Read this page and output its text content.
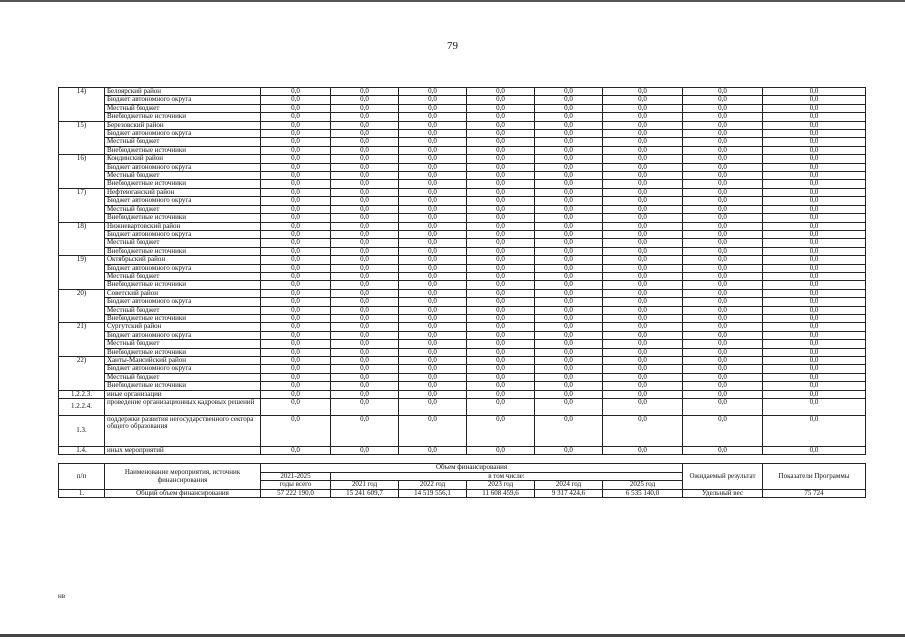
79
14)	Белоярский район	0,0	0,0	0,0	0,0	0,0	0,0	0,0	0,0
	Бюджет автономного округа	0,0	0,0	0,0	0,0	0,0	0,0	0,0	0,0
	Местный бюджет	0,0	0,0	0,0	0,0	0,0	0,0	0,0	0,0
	Внебюджетные источники	0,0	0,0	0,0	0,0	0,0	0,0	0,0	0,0
15)	Березовский район	0,0	0,0	0,0	0,0	0,0	0,0	0,0	0,0
	Бюджет автономного округа	0,0	0,0	0,0	0,0	0,0	0,0	0,0	0,0
	Местный бюджет	0,0	0,0	0,0	0,0	0,0	0,0	0,0	0,0
	Внебюджетные источники	0,0	0,0	0,0	0,0	0,0	0,0	0,0	0,0
16)	Кондинский район	0,0	0,0	0,0	0,0	0,0	0,0	0,0	0,0
	Бюджет автономного округа	0,0	0,0	0,0	0,0	0,0	0,0	0,0	0,0
	Местный бюджет	0,0	0,0	0,0	0,0	0,0	0,0	0,0	0,0
	Внебюджетные источники	0,0	0,0	0,0	0,0	0,0	0,0	0,0	0,0
17)	Нефтеюганский район	0,0	0,0	0,0	0,0	0,0	0,0	0,0	0,0
	Бюджет автономного округа	0,0	0,0	0,0	0,0	0,0	0,0	0,0	0,0
	Местный бюджет	0,0	0,0	0,0	0,0	0,0	0,0	0,0	0,0
	Внебюджетные источники	0,0	0,0	0,0	0,0	0,0	0,0	0,0	0,0
18)	Нижневартовский район	0,0	0,0	0,0	0,0	0,0	0,0	0,0	0,0
	Бюджет автономного округа	0,0	0,0	0,0	0,0	0,0	0,0	0,0	0,0
	Местный бюджет	0,0	0,0	0,0	0,0	0,0	0,0	0,0	0,0
	Внебюджетные источники	0,0	0,0	0,0	0,0	0,0	0,0	0,0	0,0
19)	Октябрьский район	0,0	0,0	0,0	0,0	0,0	0,0	0,0	0,0
	Бюджет автономного округа	0,0	0,0	0,0	0,0	0,0	0,0	0,0	0,0
	Местный бюджет	0,0	0,0	0,0	0,0	0,0	0,0	0,0	0,0
	Внебюджетные источники	0,0	0,0	0,0	0,0	0,0	0,0	0,0	0,0
20)	Советский район	0,0	0,0	0,0	0,0	0,0	0,0	0,0	0,0
	Бюджет автономного округа	0,0	0,0	0,0	0,0	0,0	0,0	0,0	0,0
	Местный бюджет	0,0	0,0	0,0	0,0	0,0	0,0	0,0	0,0
	Внебюджетные источники	0,0	0,0	0,0	0,0	0,0	0,0	0,0	0,0
21)	Сургутский район	0,0	0,0	0,0	0,0	0,0	0,0	0,0	0,0
	Бюджет автономного округа	0,0	0,0	0,0	0,0	0,0	0,0	0,0	0,0
	Местный бюджет	0,0	0,0	0,0	0,0	0,0	0,0	0,0	0,0
	Внебюджетные источники	0,0	0,0	0,0	0,0	0,0	0,0	0,0	0,0
22)	Ханты-Мансийский район	0,0	0,0	0,0	0,0	0,0	0,0	0,0	0,0
	Бюджет автономного округа	0,0	0,0	0,0	0,0	0,0	0,0	0,0	0,0
	Местный бюджет	0,0	0,0	0,0	0,0	0,0	0,0	0,0	0,0
	Внебюджетные источники	0,0	0,0	0,0	0,0	0,0	0,0	0,0	0,0
1.2.2.3.	иные организации	0,0	0,0	0,0	0,0	0,0	0,0	0,0	0,0
1.2.2.4.	проведение организационных кадровых решений	0,0	0,0	0,0	0,0	0,0	0,0	0,0	0,0
1.3.	поддержки развития негосударственного сектора общего образования	0,0	0,0	0,0	0,0	0,0	0,0	0,0	0,0
1.4.	иных мероприятий	0,0	0,0	0,0	0,0	0,0	0,0	0,0	0,0

п/п	Наименование мероприятия, источник финансирования	Объем финансирования						Ожидаемый результат	Показатели Программы
		2021-2025	в том числе:						
		годы всего	2021 год	2022 год	2023 год	2024 год	2025 год		
1.	Общий объем финансирования	57 222 190,0	15 241 609,7	14 519 556,1	11 608 459,6	9 317 424,6	6 535 140,0	Удельный вес	75 724
нв
